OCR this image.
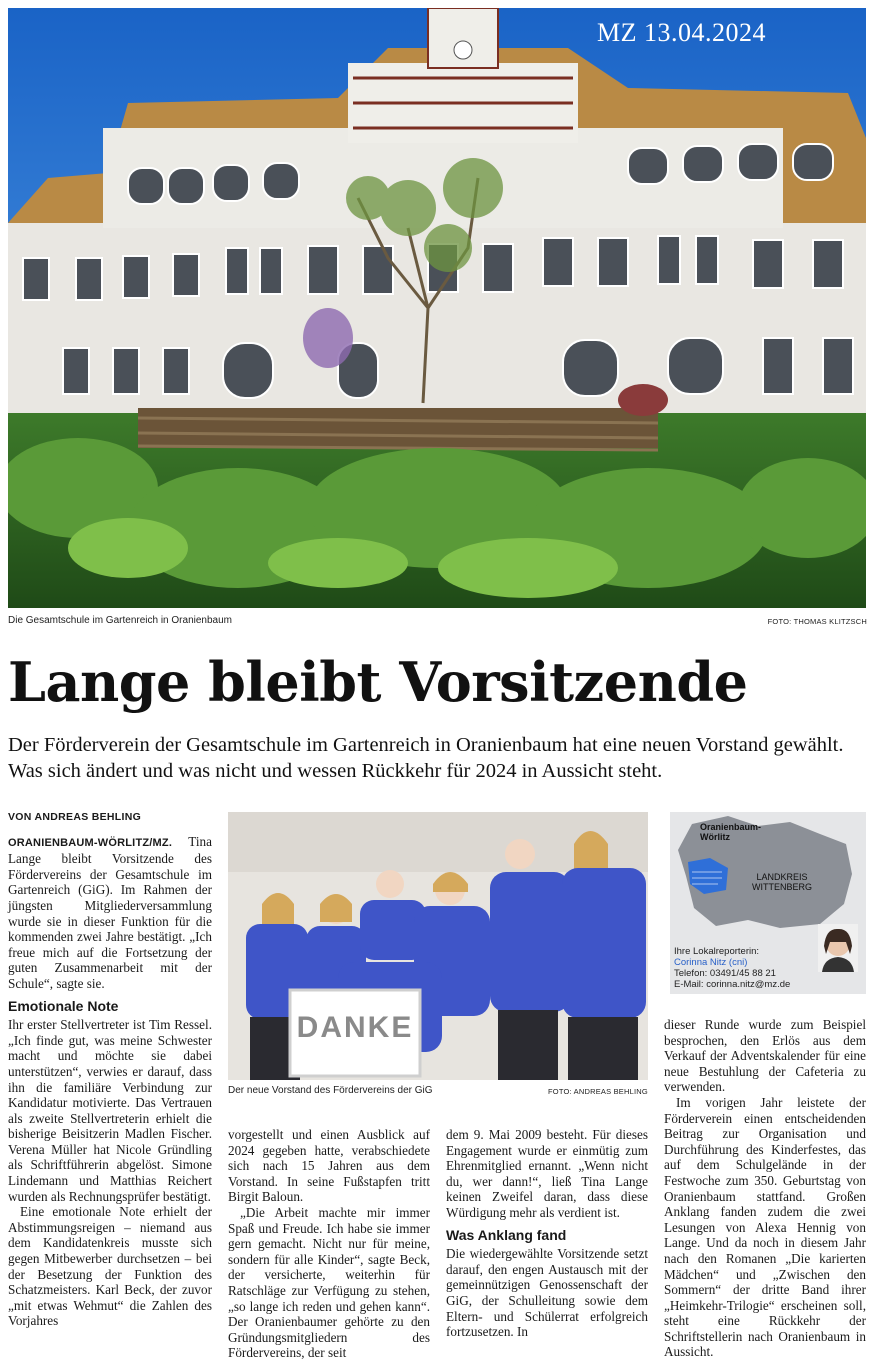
MZ 13.04.2024
Die Gesamtschule im Gartenreich in Oranienbaum	FOTO: THOMAS KLITZSCH
Lange bleibt Vorsitzende
Der Förderverein der Gesamtschule im Gartenreich in Oranienbaum hat eine neuen Vorstand gewählt. Was sich ändert und was nicht und wessen Rückkehr für 2024 in Aussicht steht.

VON ANDREAS BEHLING

ORANIENBAUM-WÖRLITZ/MZ. Tina Lange bleibt Vorsitzende des Fördervereins der Gesamtschule im Gartenreich (GiG). Im Rahmen der jüngsten Mitgliederversammlung wurde sie in dieser Funktion für die kommenden zwei Jahre bestätigt. „Ich freue mich auf die Fortsetzung der guten Zusammenarbeit mit der Schule“, sagte sie.

Emotionale Note

Ihr erster Stellvertreter ist Tim Ressel. „Ich finde gut, was meine Schwester macht und möchte sie dabei unterstützen“, verwies er darauf, dass ihn die familiäre Verbindung zur Kandidatur motivierte. Das Vertrauen als zweite Stellvertreterin erhielt die bisherige Beisitzerin Madlen Fischer. Verena Müller hat Nicole Gründling als Schriftführerin abgelöst. Simone Lindemann und Matthias Reichert wurden als Rechnungsprüfer bestätigt.

Eine emotionale Note erhielt der Abstimmungsreigen – niemand aus dem Kandidatenkreis musste sich gegen Mitbewerber durchsetzen – bei der Besetzung der Funktion des Schatzmeisters. Karl Beck, der zuvor „mit etwas Wehmut“ die Zahlen des Vorjahres

DANKE
Der neue Vorstand des Fördervereins der GiG	FOTO: ANDREAS BEHLING
Oranienbaum-Wörlitz
LANDKREIS WITTENBERG
Ihre Lokalreporterin:
Corinna Nitz (cni)
Telefon: 03491/45 88 21
E-Mail: corinna.nitz@mz.de

vorgestellt und einen Ausblick auf 2024 gegeben hatte, verabschiedete sich nach 15 Jahren aus dem Vorstand. In seine Fußstapfen tritt Birgit Baloun.

„Die Arbeit machte mir immer Spaß und Freude. Ich habe sie immer gern gemacht. Nicht nur für meine, sondern für alle Kinder“, sagte Beck, der versicherte, weiterhin für Ratschläge zur Verfügung zu stehen, „so lange ich reden und gehen kann“. Der Oranienbaumer gehörte zu den Gründungsmitgliedern des Fördervereins, der seit

dem 9. Mai 2009 besteht. Für dieses Engagement wurde er einmütig zum Ehrenmitglied ernannt. „Wenn nicht du, wer dann!“, ließ Tina Lange keinen Zweifel daran, dass diese Würdigung mehr als verdient ist.

Was Anklang fand

Die wiedergewählte Vorsitzende setzt darauf, den engen Austausch mit der gemeinnützigen Genossenschaft der GiG, der Schulleitung sowie dem Eltern- und Schülerrat erfolgreich fortzusetzen. In

dieser Runde wurde zum Beispiel besprochen, den Erlös aus dem Verkauf der Adventskalender für eine neue Bestuhlung der Cafeteria zu verwenden.

Im vorigen Jahr leistete der Förderverein einen entscheidenden Beitrag zur Organisation und Durchführung des Kinderfestes, das auf dem Schulgelände in der Festwoche zum 350. Geburtstag von Oranienbaum stattfand. Großen Anklang fanden zudem die zwei Lesungen von Alexa Hennig von Lange. Und da noch in diesem Jahr nach den Romanen „Die karierten Mädchen“ und „Zwischen den Sommern“ der dritte Band ihrer „Heimkehr-Trilogie“ erscheinen soll, steht eine Rückkehr der Schriftstellerin nach Oranienbaum in Aussicht.
